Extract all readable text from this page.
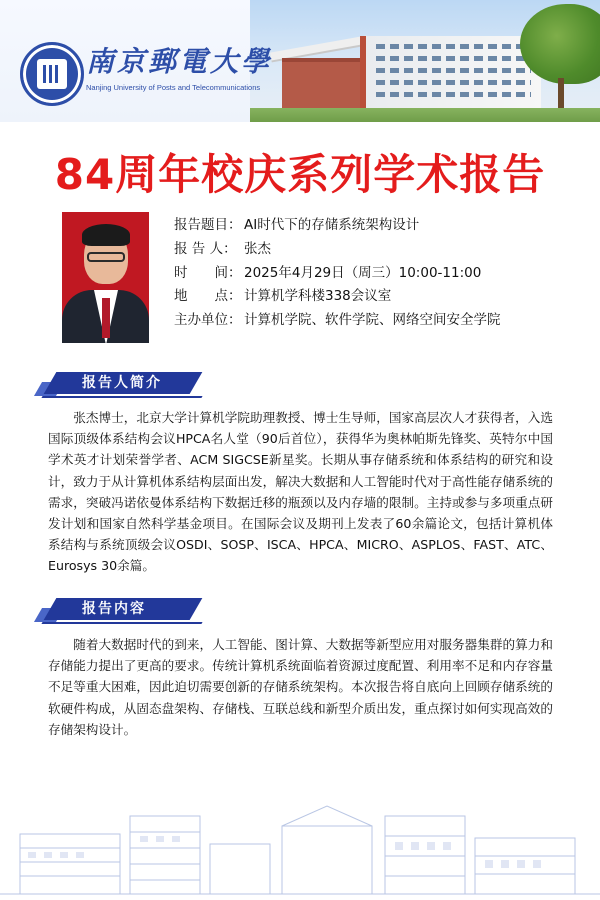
南京郵電大學
Nanjing University of Posts and Telecommunications
84周年校庆系列学术报告
报告题目： AI时代下的存储系统架构设计
报 告 人： 张杰
时　　间： 2025年4月29日（周三）10:00-11:00
地　　点： 计算机学科楼338会议室
主办单位： 计算机学院、软件学院、网络空间安全学院
报告人简介

张杰博士，北京大学计算机学院助理教授、博士生导师，国家高层次人才获得者，入选国际顶级体系结构会议HPCA名人堂（90后首位），获得华为奥林帕斯先锋奖、英特尔中国学术英才计划荣誉学者、ACM SIGCSE新星奖。长期从事存储系统和体系结构的研究和设计，致力于从计算机体系结构层面出发，解决大数据和人工智能时代对于高性能存储系统的需求，突破冯诺依曼体系结构下数据迁移的瓶颈以及内存墙的限制。主持或参与多项重点研发计划和国家自然科学基金项目。在国际会议及期刊上发表了60余篇论文，包括计算机体系结构与系统顶级会议OSDI、SOSP、ISCA、HPCA、MICRO、ASPLOS、FAST、ATC、Eurosys 30余篇。

报告内容

随着大数据时代的到来，人工智能、图计算、大数据等新型应用对服务器集群的算力和存储能力提出了更高的要求。传统计算机系统面临着资源过度配置、利用率不足和内存容量不足等重大困难，因此迫切需要创新的存储系统架构。本次报告将自底向上回顾存储系统的软硬件构成，从固态盘架构、存储栈、互联总线和新型介质出发，重点探讨如何实现高效的存储架构设计。
